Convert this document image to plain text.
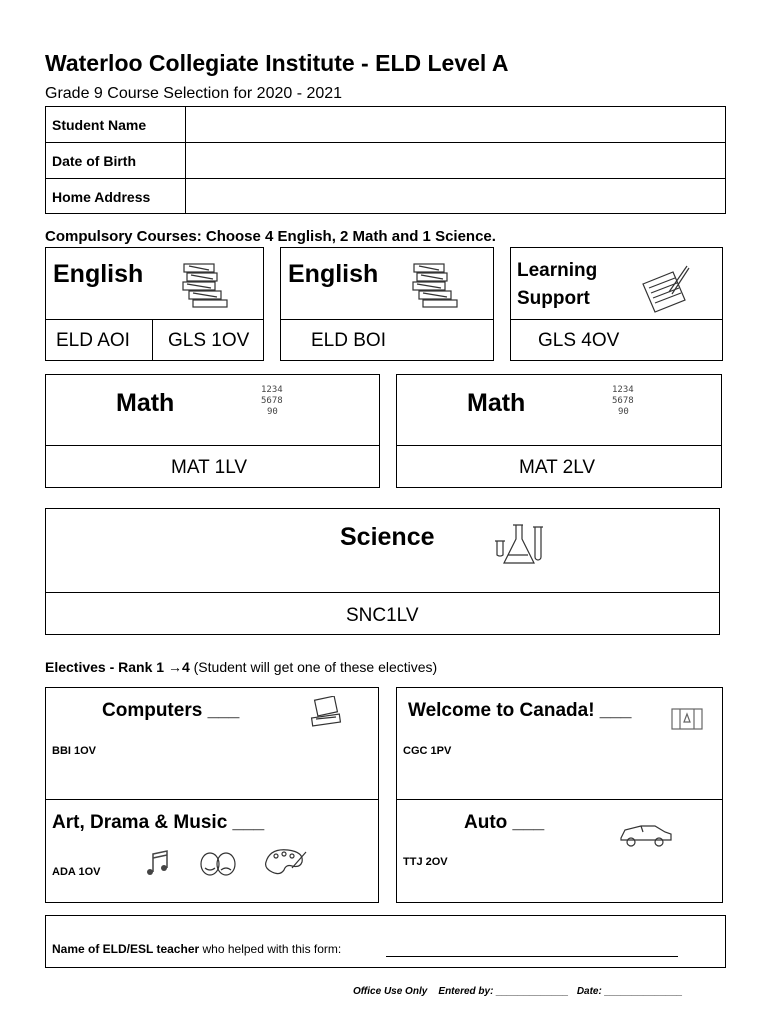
Waterloo Collegiate Institute - ELD Level A
Grade 9 Course Selection for 2020 - 2021
Student Name
Date of Birth
Home Address
Compulsory Courses: Choose 4 English, 2 Math and 1 Science.
English
ELD AOI GLS 1OV
English
ELD BOI
Learning
Support
GLS 4OV
Math	1234
5678
90
MAT 1LV
Math	1234
5678
90
MAT 2LV
Science
SNC1LV
Electives - Rank 1 →4 (Student will get one of these electives)
Computers ___
BBI 1OV
Welcome to Canada! ___
CGC 1PV
Art, Drama & Music ___
ADA 1OV
Auto ___
TTJ 2OV
Name of ELD/ESL teacher who helped with this form:
Office Use Only    Entered by: _____________   Date: ______________
